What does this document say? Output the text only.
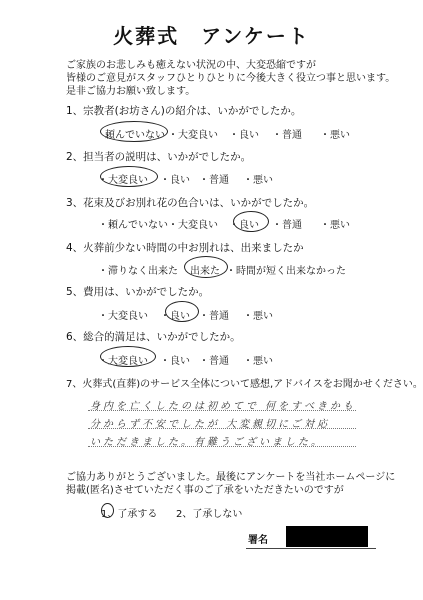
火葬式　アンケート
ご家族のお悲しみも癒えない状況の中、大変恐縮ですが
皆様のご意見がスタッフひとりひとりに今後大きく役立つ事と思います。
是非ご協力お願い致します。
1、宗教者(お坊さん)の紹介は、いかがでしたか。
頼んでいない	・ 大変良い	・ 良い	・ 普通	・ 悪い
2、担当者の説明は、いかがでしたか。
・ 大変良い	・ 良い	・ 普通	・ 悪い
3、花束及びお別れ花の色合いは、いかがでしたか。
・ 頼んでいない	・ 大変良い	・ 良い	・ 普通	・ 悪い
4、火葬前少ない時間の中お別れは、出来ましたか
・ 滞りなく出来た 出来た	・ 時間が短く出来なかった
5、費用は、いかがでしたか。
・ 大変良い	・ 良い	・ 普通	・ 悪い
6、総合的満足は、いかがでしたか。
・ 大変良い	・ 良い	・ 普通	・ 悪い
7、火葬式(直葬)のサービス全体について感想,アドバイスをお聞かせください。
身内を亡くしたのは初めてで 何をすべきかも
分からず不安でしたが 大変親切にご対応
いただきました。有難うございました。
ご協力ありがとうございました。最後にアンケートを当社ホームページに
掲載(匿名)させていただく事のご了承をいただきたいのですが
1、了承する 2、了承しない
署名
